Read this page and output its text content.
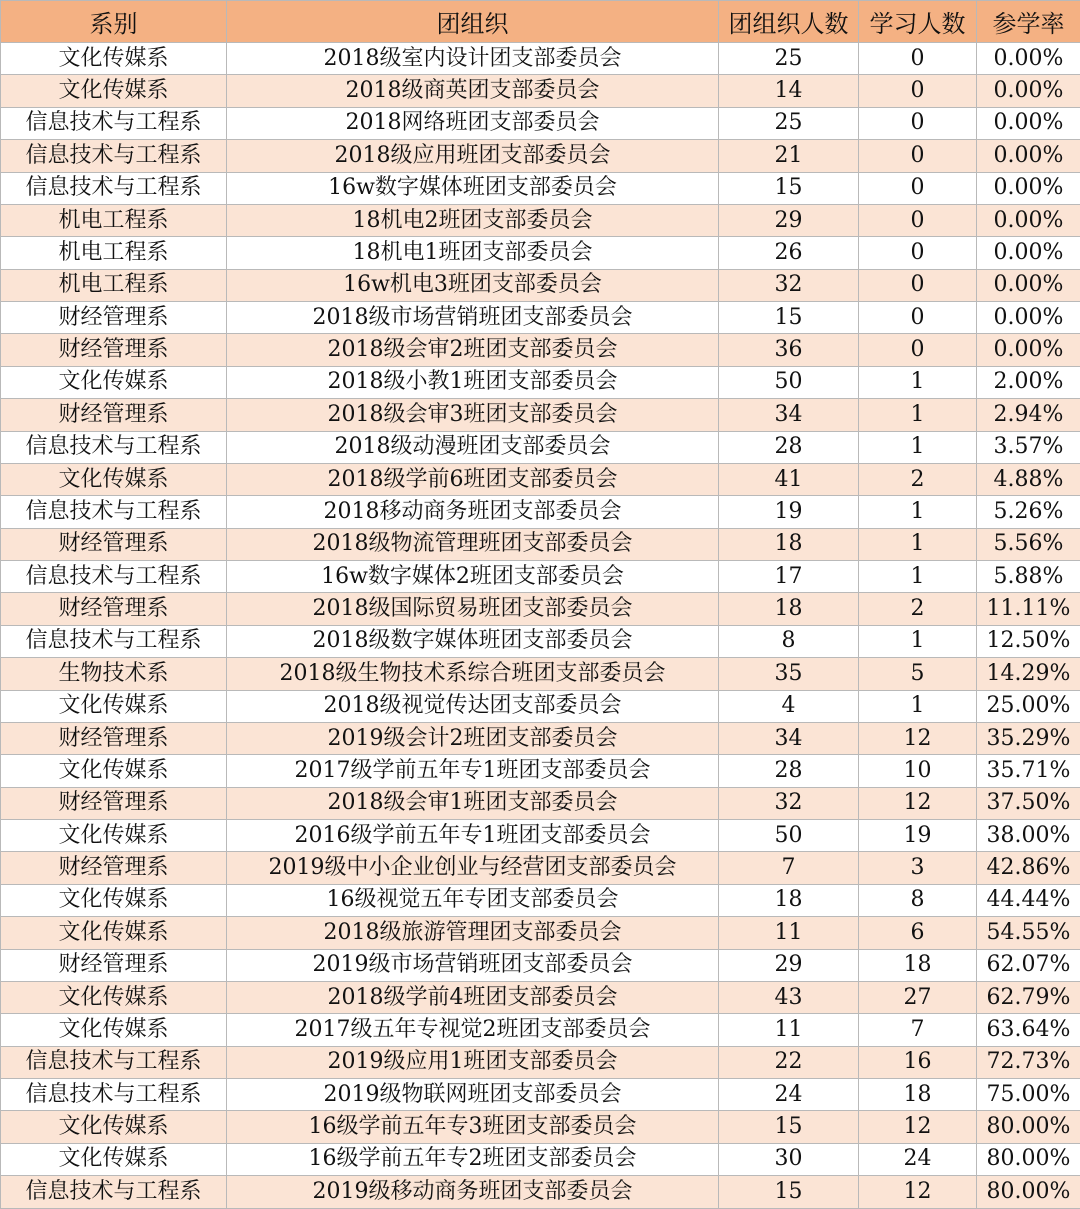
系别	团组织	团组织人数	学习人数	参学率
文化传媒系	2018级室内设计团支部委员会	25	0	0.00%
文化传媒系	2018级商英团支部委员会	14	0	0.00%
信息技术与工程系	2018网络班团支部委员会	25	0	0.00%
信息技术与工程系	2018级应用班团支部委员会	21	0	0.00%
信息技术与工程系	16w数字媒体班团支部委员会	15	0	0.00%
机电工程系	18机电2班团支部委员会	29	0	0.00%
机电工程系	18机电1班团支部委员会	26	0	0.00%
机电工程系	16w机电3班团支部委员会	32	0	0.00%
财经管理系	2018级市场营销班团支部委员会	15	0	0.00%
财经管理系	2018级会审2班团支部委员会	36	0	0.00%
文化传媒系	2018级小教1班团支部委员会	50	1	2.00%
财经管理系	2018级会审3班团支部委员会	34	1	2.94%
信息技术与工程系	2018级动漫班团支部委员会	28	1	3.57%
文化传媒系	2018级学前6班团支部委员会	41	2	4.88%
信息技术与工程系	2018移动商务班团支部委员会	19	1	5.26%
财经管理系	2018级物流管理班团支部委员会	18	1	5.56%
信息技术与工程系	16w数字媒体2班团支部委员会	17	1	5.88%
财经管理系	2018级国际贸易班团支部委员会	18	2	11.11%
信息技术与工程系	2018级数字媒体班团支部委员会	8	1	12.50%
生物技术系	2018级生物技术系综合班团支部委员会	35	5	14.29%
文化传媒系	2018级视觉传达团支部委员会	4	1	25.00%
财经管理系	2019级会计2班团支部委员会	34	12	35.29%
文化传媒系	2017级学前五年专1班团支部委员会	28	10	35.71%
财经管理系	2018级会审1班团支部委员会	32	12	37.50%
文化传媒系	2016级学前五年专1班团支部委员会	50	19	38.00%
财经管理系	2019级中小企业创业与经营团支部委员会	7	3	42.86%
文化传媒系	16级视觉五年专团支部委员会	18	8	44.44%
文化传媒系	2018级旅游管理团支部委员会	11	6	54.55%
财经管理系	2019级市场营销班团支部委员会	29	18	62.07%
文化传媒系	2018级学前4班团支部委员会	43	27	62.79%
文化传媒系	2017级五年专视觉2班团支部委员会	11	7	63.64%
信息技术与工程系	2019级应用1班团支部委员会	22	16	72.73%
信息技术与工程系	2019级物联网班团支部委员会	24	18	75.00%
文化传媒系	16级学前五年专3班团支部委员会	15	12	80.00%
文化传媒系	16级学前五年专2班团支部委员会	30	24	80.00%
信息技术与工程系	2019级移动商务班团支部委员会	15	12	80.00%
